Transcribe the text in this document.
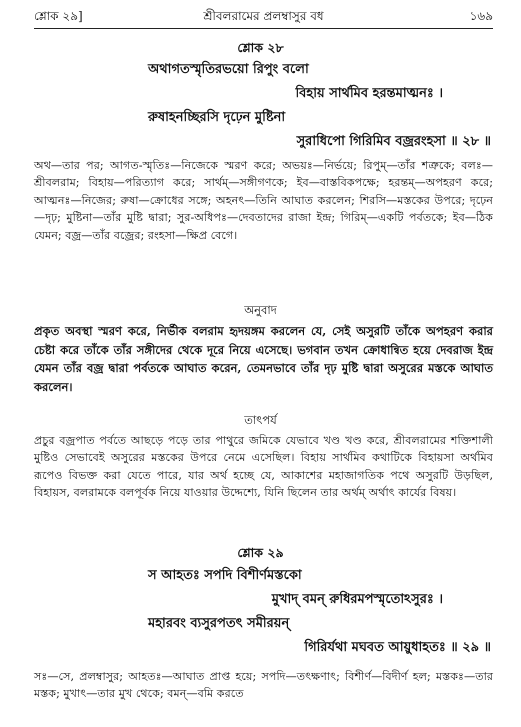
শ্লোক ২৯]	শ্রীবলরামের প্রলম্বাসুর বধ	১৬৯
শ্লোক ২৮
অথাগতস্মৃতিরভয়ো রিপুং বলো
বিহায় সার্থমিব হরন্তমাত্মনঃ ।
রুষাহনচ্ছিরসি দৃঢ়েন মুষ্টিনা
সুরাধিপো গিরিমিব বজ্ররংহসা ॥ ২৮ ॥
অথ—তার পর; আগত-স্মৃতিঃ—নিজেকে স্মরণ করে; অভয়ঃ—নির্ভয়ে; রিপুম্—তাঁর শত্রুকে; বলঃ—শ্রীবলরাম; বিহায়—পরিত্যাগ করে; সার্থম্—সঙ্গীগণকে; ইব—বাস্তবিকপক্ষে; হরন্তম্—অপহরণ করে; আত্মনঃ—নিজের; রুষা—ক্রোধের সঙ্গে; অহনৎ—তিনি আঘাত করলেন; শিরসি—মস্তকের উপরে; দৃঢ়েন—দৃঢ়; মুষ্টিনা—তাঁর মুষ্টি দ্বারা; সুর-অধিপঃ—দেবতাদের রাজা ইন্দ্র; গিরিম্—একটি পর্বতকে; ইব—ঠিক যেমন; বজ্র—তাঁর বজ্রের; রংহসা—ক্ষিপ্র বেগে।
অনুবাদ
প্রকৃত অবস্থা স্মরণ করে, নির্ভীক বলরাম হৃদয়ঙ্গম করলেন যে, সেই অসুরটি তাঁকে অপহরণ করার চেষ্টা করে তাঁকে তাঁর সঙ্গীদের থেকে দূরে নিয়ে এসেছে। ভগবান তখন ক্রোধান্বিত হয়ে দেবরাজ ইন্দ্র যেমন তাঁর বজ্র দ্বারা পর্বতকে আঘাত করেন, তেমনভাবে তাঁর দৃঢ় মুষ্টি দ্বারা অসুরের মস্তকে আঘাত করলেন।
তাৎপর্য
প্রচুর বজ্রপাত পর্বতে আছড়ে পড়ে তার পাথুরে জমিকে যেভাবে খণ্ড খণ্ড করে, শ্রীবলরামের শক্তিশালী মুষ্টিও সেভাবেই অসুরের মস্তকের উপরে নেমে এসেছিল। বিহায় সার্থমিব কথাটিকে বিহায়সা অর্থমিব রূপেও বিভক্ত করা যেতে পারে, যার অর্থ হচ্ছে যে, আকাশের মহাজাগতিক পথে অসুরটি উড়ছিল, বিহায়স, বলরামকে বলপূর্বক নিয়ে যাওয়ার উদ্দেশ্যে, যিনি ছিলেন তার অর্থম্ অর্থাৎ কার্যের বিষয়।
শ্লোক ২৯
স আহতঃ সপদি বিশীর্ণমস্তকো
মুখাদ্ বমন্ রুধিরমপস্মৃতোঽসুরঃ ।
মহারবং ব্যসুরপতৎ সমীরয়ন্
গিরির্যথা মঘবত আয়ুধাহতঃ ॥ ২৯ ॥
সঃ—সে, প্রলম্বাসুর; আহতঃ—আঘাত প্রাপ্ত হয়ে; সপদি—তৎক্ষণাৎ; বিশীর্ণ—বিদীর্ণ হল; মস্তকঃ—তার মস্তক; মুখাৎ—তার মুখ থেকে; বমন্—বমি করতে
